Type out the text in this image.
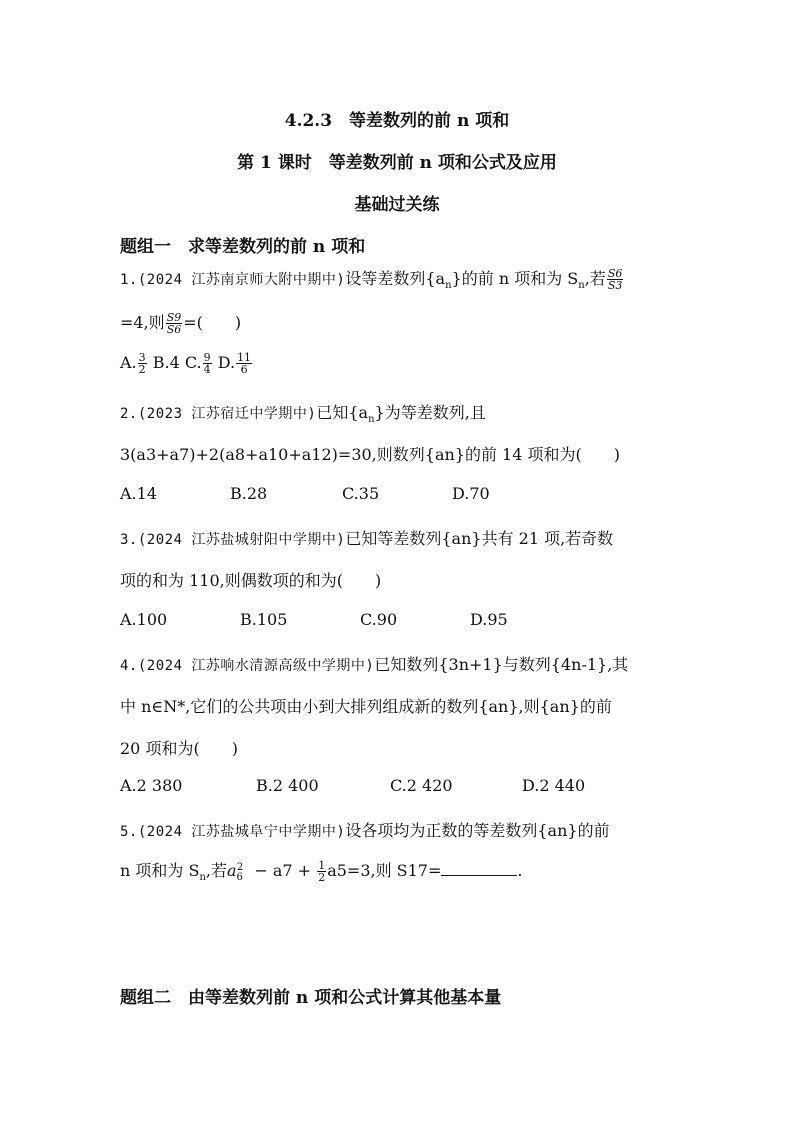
4.2.3　等差数列的前 n 项和
第 1 课时　等差数列前 n 项和公式及应用
基础过关练
题组一　求等差数列的前 n 项和
1.(2024 江苏南京师大附中期中)设等差数列$\{a_n\}$的前 n 项和为 $S_n$,若 $\frac{S6}{S3}$
=4,则 $\frac{S9}{S6}$ =(　　)
A. $\frac{3}{2} B.4$ C. $\frac{9}{4} D$. $\frac{11}{6}$
2.(2023 江苏宿迁中学期中)已知$\{a_n\}$为等差数列,且
3(a3+a7)+2(a8+a10+a12)=30,则数列{an}的前 14 项和为(　　)
A.14	B.28	C.35	D.70
3.(2024 江苏盐城射阳中学期中)已知等差数列{an}共有 21 项,若奇数
项的和为 110,则偶数项的和为(　　)
A.100	B.105	C.90	D.95
4.(2024 江苏响水清源高级中学期中)已知数列{3n+1}与数列{4n-1},其
中 n∈N*,它们的公共项由小到大排列组成新的数列{an},则{an}的前
20 项和为(　　)
A.2 380	B.2 400	C.2 420	D.2 440
5.(2024 江苏盐城阜宁中学期中)设各项均为正数的等差数列{an}的前
n 项和为 $S_n$,若$a_6^2 - a7 + \frac{1}{2} a5=3$,则 S17=	.
题组二　由等差数列前 n 项和公式计算其他基本量
